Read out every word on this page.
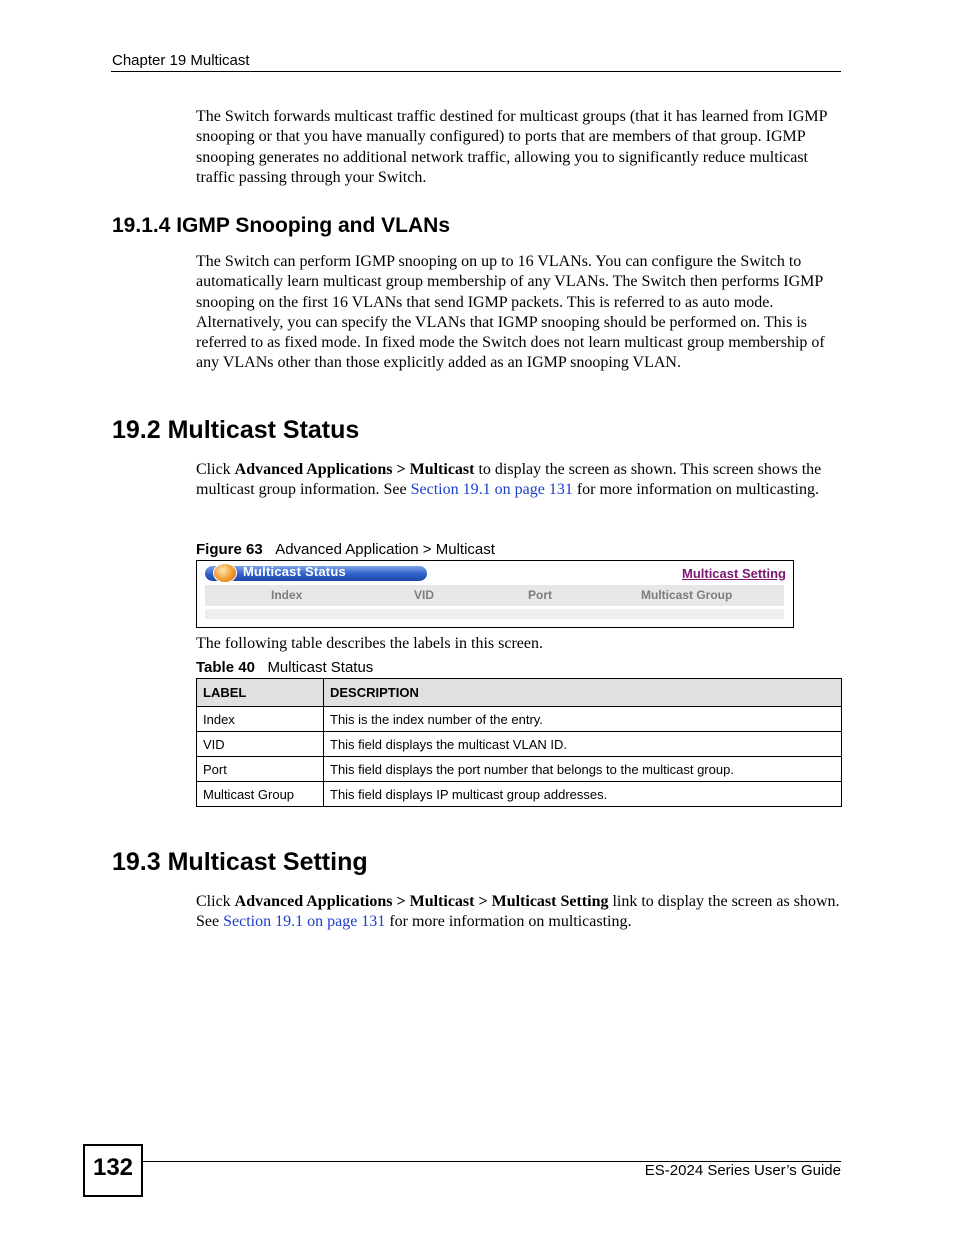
Chapter 19 Multicast

The Switch forwards multicast traffic destined for multicast groups (that it has learned from IGMP snooping or that you have manually configured) to ports that are members of that group. IGMP snooping generates no additional network traffic, allowing you to significantly reduce multicast traffic passing through your Switch.

19.1.4 IGMP Snooping and VLANs

The Switch can perform IGMP snooping on up to 16 VLANs. You can configure the Switch to automatically learn multicast group membership of any VLANs. The Switch then performs IGMP snooping on the first 16 VLANs that send IGMP packets. This is referred to as auto mode. Alternatively, you can specify the VLANs that IGMP snooping should be performed on. This is referred to as fixed mode. In fixed mode the Switch does not learn multicast group membership of any VLANs other than those explicitly added as an IGMP snooping VLAN.

19.2 Multicast Status

Click Advanced Applications > Multicast to display the screen as shown. This screen shows the multicast group information. See Section 19.1 on page 131 for more information on multicasting.

Figure 63 Advanced Application > Multicast
Multicast Status	Multicast Setting
Index	VID	Port	Multicast Group

The following table describes the labels in this screen.

Table 40 Multicast Status
LABEL	DESCRIPTION
Index	This is the index number of the entry.
VID	This field displays the multicast VLAN ID.
Port	This field displays the port number that belongs to the multicast group.
Multicast Group	This field displays IP multicast group addresses.
19.3 Multicast Setting

Click Advanced Applications > Multicast > Multicast Setting link to display the screen as shown. See Section 19.1 on page 131 for more information on multicasting.

132	ES-2024 Series User’s Guide
